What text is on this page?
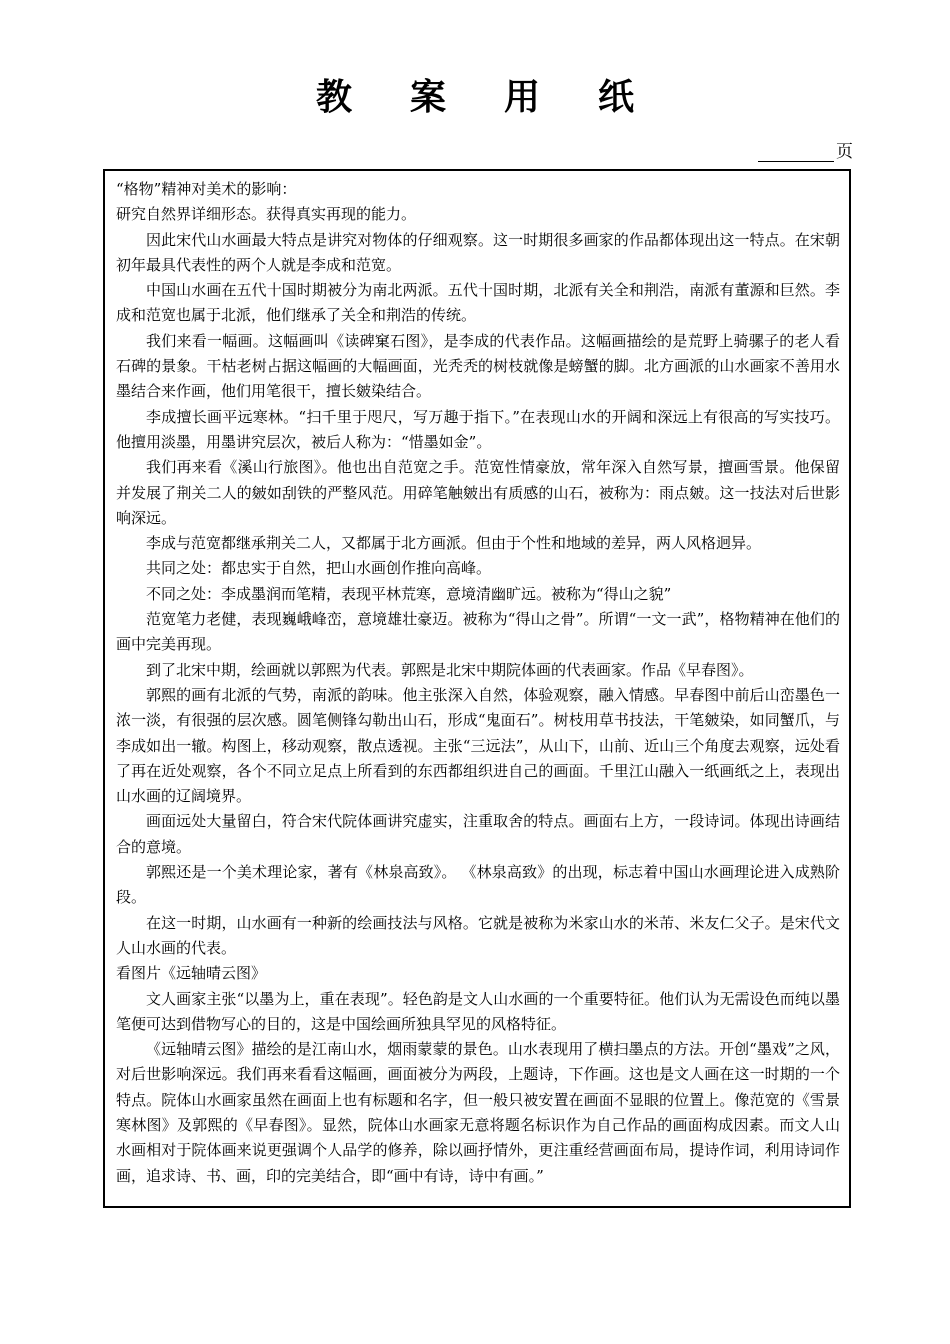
教案用纸
页

“格物”精神对美术的影响：

研究自然界详细形态。获得真实再现的能力。

因此宋代山水画最大特点是讲究对物体的仔细观察。这一时期很多画家的作品都体现出这一特点。在宋朝初年最具代表性的两个人就是李成和范宽。

中国山水画在五代十国时期被分为南北两派。五代十国时期，北派有关全和荆浩，南派有董源和巨然。李成和范宽也属于北派，他们继承了关全和荆浩的传统。

我们来看一幅画。这幅画叫《读碑窠石图》，是李成的代表作品。这幅画描绘的是荒野上骑骡子的老人看石碑的景象。干枯老树占据这幅画的大幅画面，光秃秃的树枝就像是螃蟹的脚。北方画派的山水画家不善用水墨结合来作画，他们用笔很干，擅长皴染结合。

李成擅长画平远寒林。“扫千里于咫尺，写万趣于指下。”在表现山水的开阔和深远上有很高的写实技巧。他擅用淡墨，用墨讲究层次，被后人称为：“惜墨如金”。

我们再来看《溪山行旅图》。他也出自范宽之手。范宽性情豪放，常年深入自然写景，擅画雪景。他保留并发展了荆关二人的皴如刮铁的严整风范。用碎笔触皴出有质感的山石，被称为：雨点皴。这一技法对后世影响深远。

李成与范宽都继承荆关二人，又都属于北方画派。但由于个性和地域的差异，两人风格迥异。

共同之处：都忠实于自然，把山水画创作推向高峰。

不同之处：李成墨润而笔精，表现平林荒寒，意境清幽旷远。被称为“得山之貌”

范宽笔力老健，表现巍峨峰峦，意境雄壮豪迈。被称为“得山之骨”。所谓“一文一武”，格物精神在他们的画中完美再现。

到了北宋中期，绘画就以郭熙为代表。郭熙是北宋中期院体画的代表画家。作品《早春图》。

郭熙的画有北派的气势，南派的韵味。他主张深入自然，体验观察，融入情感。早春图中前后山峦墨色一浓一淡，有很强的层次感。圆笔侧锋勾勒出山石，形成“鬼面石”。树枝用草书技法，干笔皴染，如同蟹爪，与李成如出一辙。构图上，移动观察，散点透视。主张“三远法”，从山下，山前、近山三个角度去观察，远处看了再在近处观察，各个不同立足点上所看到的东西都组织进自己的画面。千里江山融入一纸画纸之上，表现出山水画的辽阔境界。

画面远处大量留白，符合宋代院体画讲究虚实，注重取舍的特点。画面右上方，一段诗词。体现出诗画结合的意境。

郭熙还是一个美术理论家，著有《林泉高致》。 《林泉高致》的出现，标志着中国山水画理论进入成熟阶段。

在这一时期，山水画有一种新的绘画技法与风格。它就是被称为米家山水的米芾、米友仁父子。是宋代文人山水画的代表。

看图片《远轴晴云图》

文人画家主张“以墨为上，重在表现”。轻色韵是文人山水画的一个重要特征。他们认为无需设色而纯以墨笔便可达到借物写心的目的，这是中国绘画所独具罕见的风格特征。

《远轴晴云图》描绘的是江南山水，烟雨蒙蒙的景色。山水表现用了横扫墨点的方法。开创“墨戏”之风，对后世影响深远。我们再来看看这幅画，画面被分为两段，上题诗，下作画。这也是文人画在这一时期的一个特点。院体山水画家虽然在画面上也有标题和名字，但一般只被安置在画面不显眼的位置上。像范宽的《雪景寒林图》及郭熙的《早春图》。显然，院体山水画家无意将题名标识作为自己作品的画面构成因素。而文人山水画相对于院体画来说更强调个人品学的修养，除以画抒情外，更注重经营画面布局，提诗作词，利用诗词作画，追求诗、书、画，印的完美结合，即“画中有诗，诗中有画。”
